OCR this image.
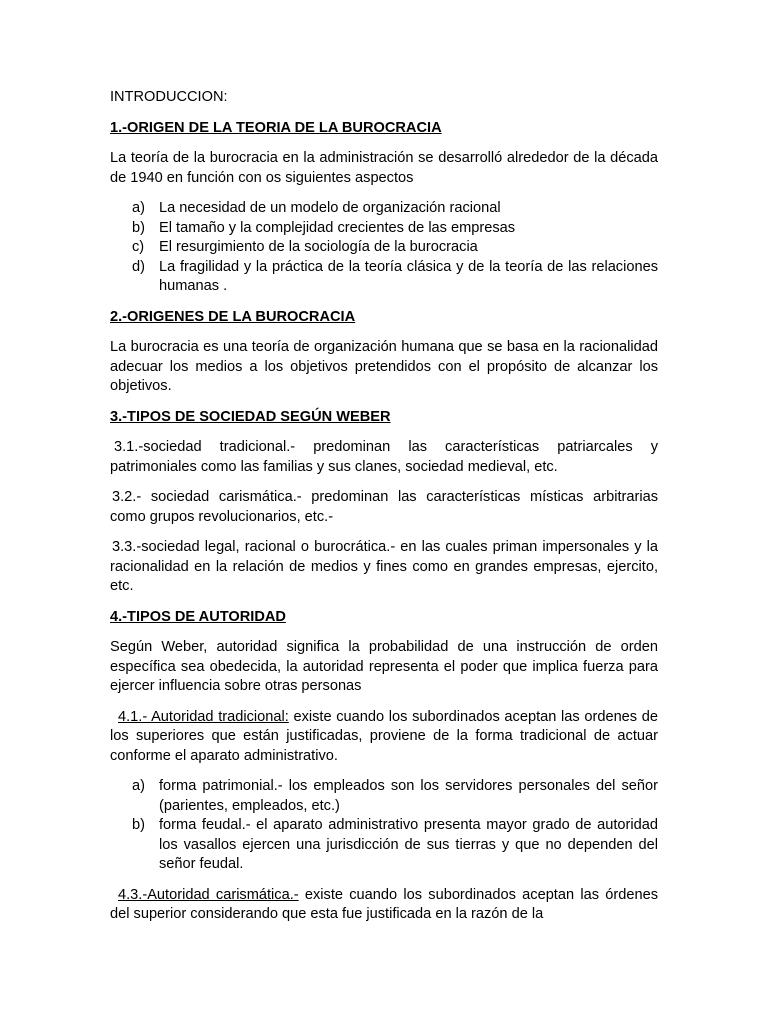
INTRODUCCION:

1.-ORIGEN DE LA TEORIA DE LA BUROCRACIA

La teoría de la burocracia en la administración se desarrolló alrededor de la década de 1940 en función con os siguientes aspectos

a) La necesidad de un modelo de organización racional
b) El tamaño y la complejidad crecientes de las empresas
c) El resurgimiento de la sociología de la burocracia
d) La fragilidad y la práctica de la teoría clásica y de la teoría de las relaciones humanas .

2.-ORIGENES DE LA BUROCRACIA

La burocracia es una teoría de organización humana que se basa en la racionalidad adecuar los medios a los objetivos pretendidos con el propósito de alcanzar los objetivos.

3.-TIPOS DE SOCIEDAD SEGÚN WEBER

3.1.-sociedad tradicional.- predominan las características patriarcales y patrimoniales como las familias y sus clanes, sociedad medieval, etc.

3.2.- sociedad carismática.- predominan las características místicas arbitrarias como grupos revolucionarios, etc.-

3.3.-sociedad legal, racional o burocrática.- en las cuales priman impersonales y la racionalidad en la relación de medios y fines como en grandes empresas, ejercito, etc.

4.-TIPOS DE AUTORIDAD

Según Weber, autoridad significa la probabilidad de una instrucción de orden específica sea obedecida, la autoridad representa el poder que implica fuerza para ejercer influencia sobre otras personas

4.1.- Autoridad tradicional: existe cuando los subordinados aceptan las ordenes de los superiores que están justificadas, proviene de la forma tradicional de actuar conforme el aparato administrativo.

a) forma patrimonial.- los empleados son los servidores personales del señor (parientes, empleados, etc.)
b) forma feudal.- el aparato administrativo presenta mayor grado de autoridad los vasallos ejercen una jurisdicción de sus tierras y que no dependen del señor feudal.

4.3.-Autoridad carismática.- existe cuando los subordinados aceptan las órdenes del superior considerando que esta fue justificada en la razón de la
